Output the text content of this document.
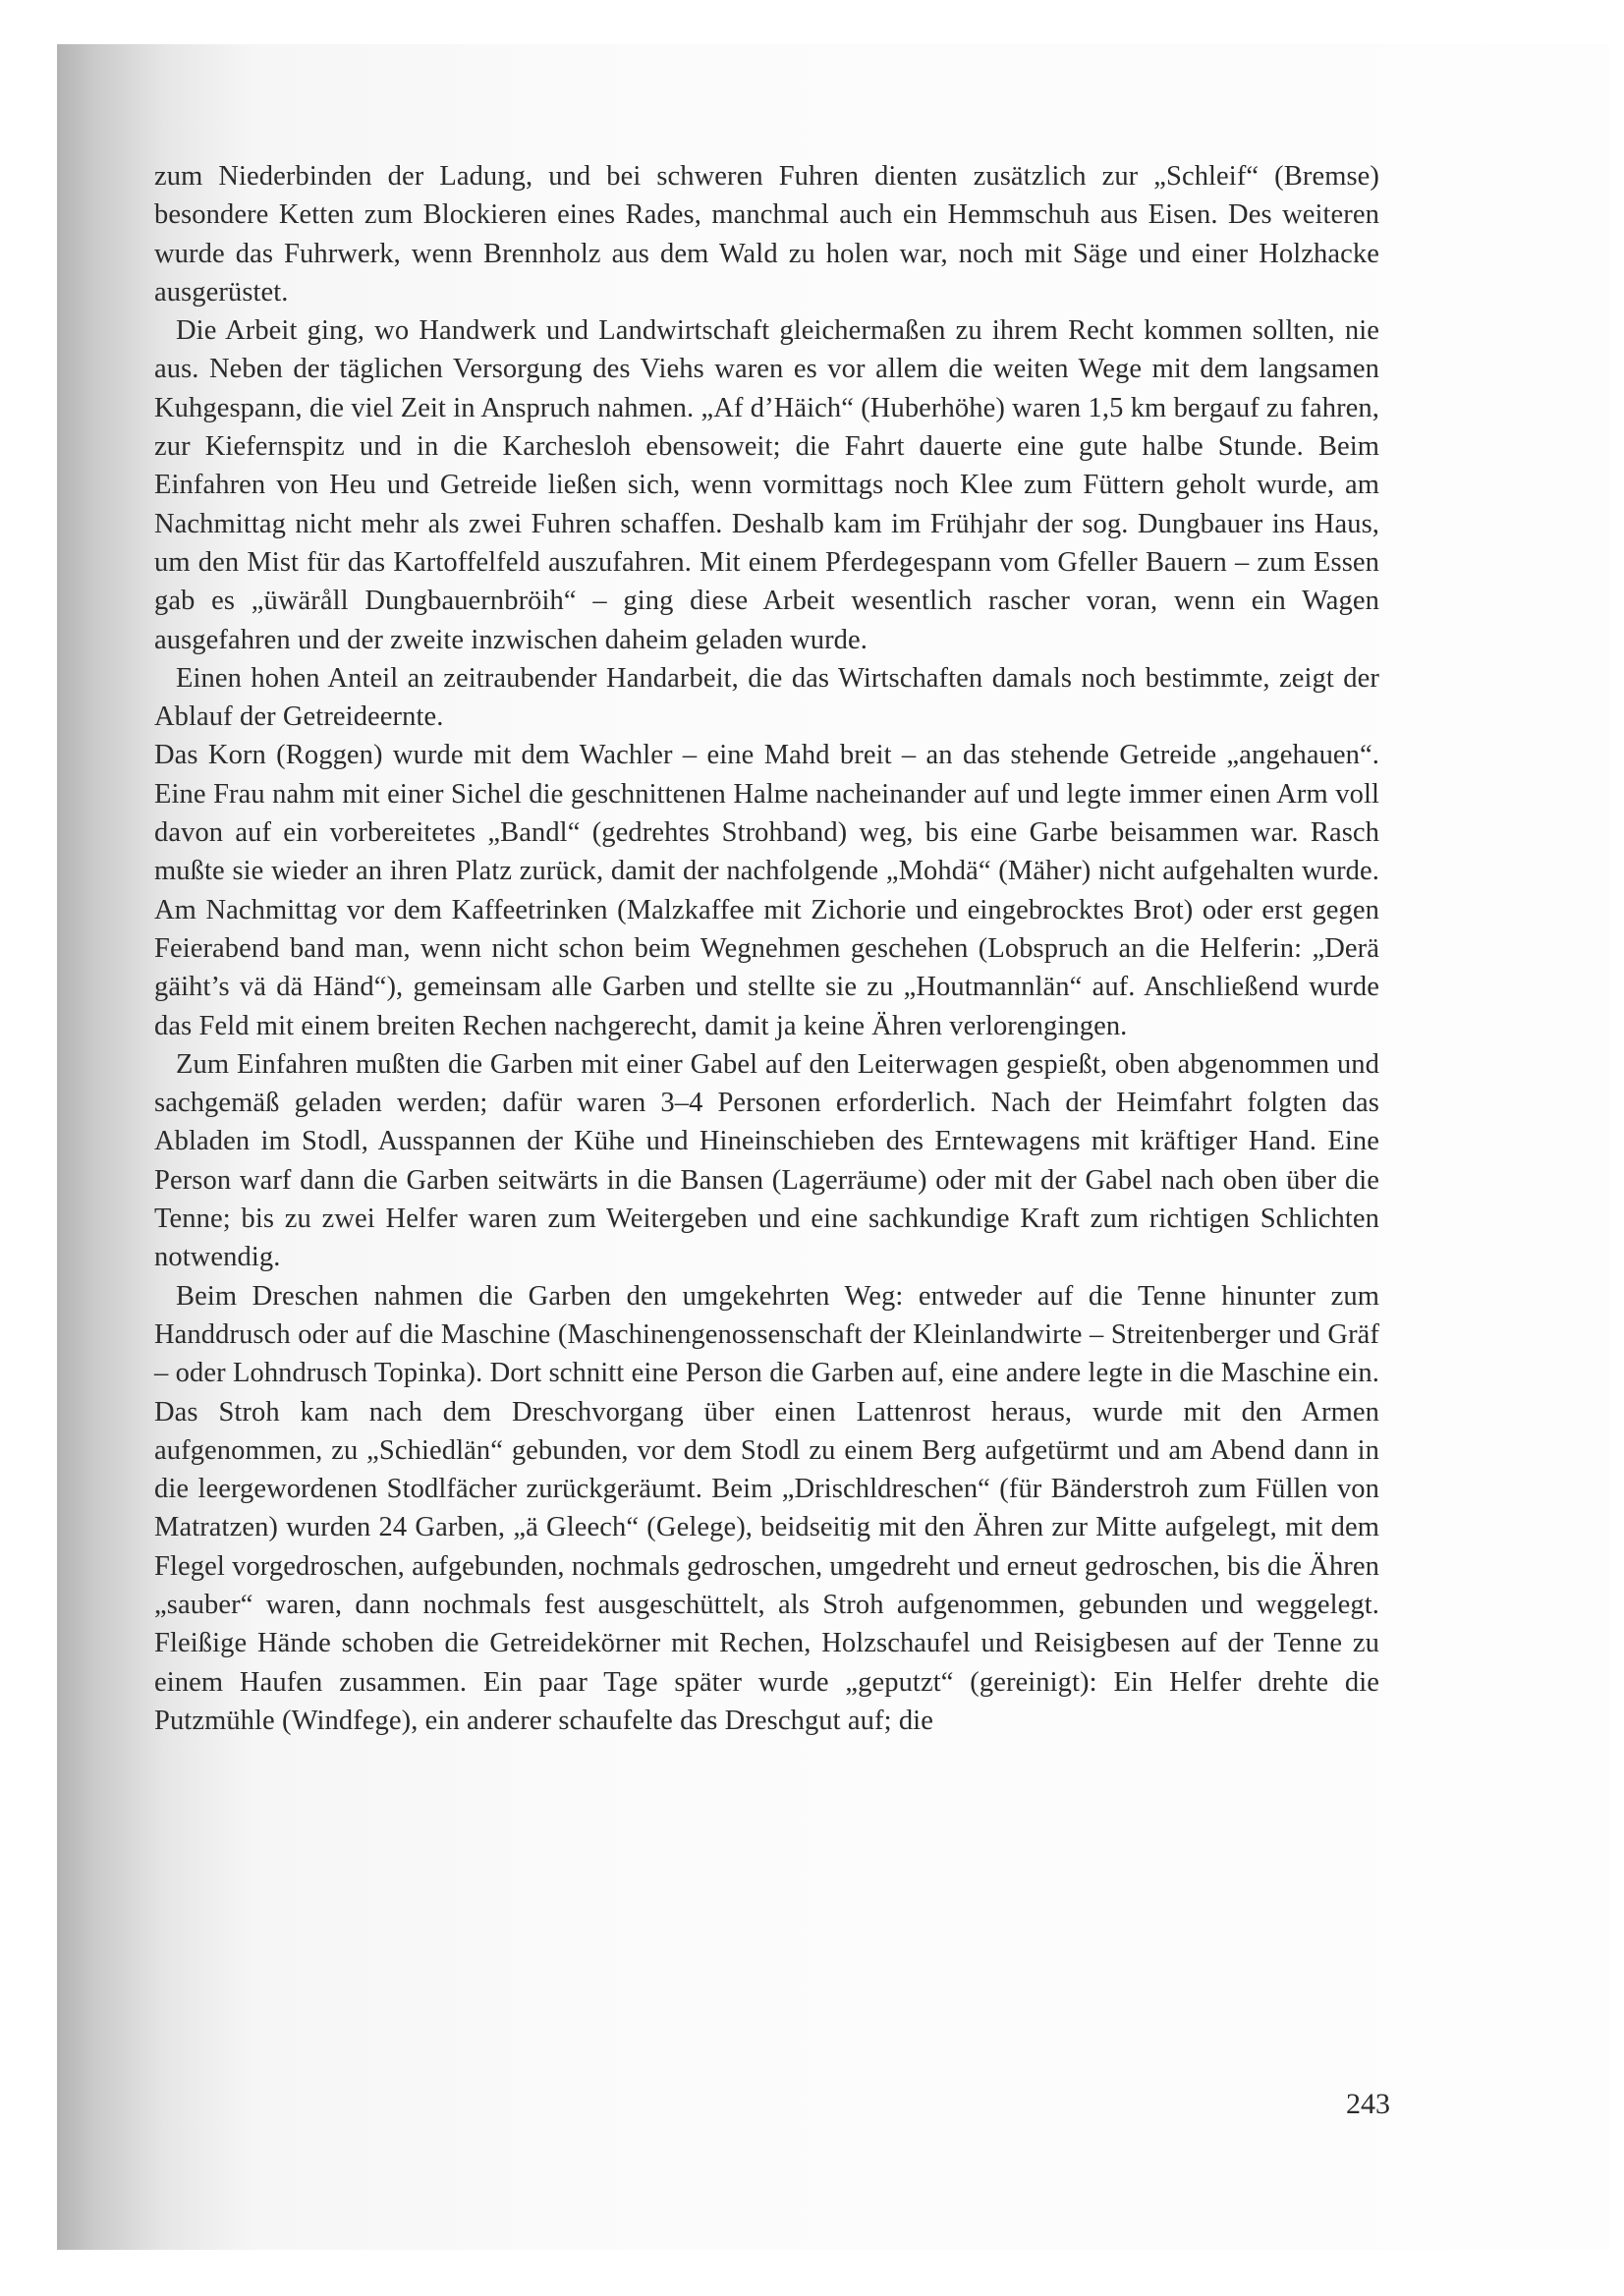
zum Niederbinden der Ladung, und bei schweren Fuhren dienten zusätzlich zur „Schleif“ (Bremse) besondere Ketten zum Blockieren eines Rades, manchmal auch ein Hemmschuh aus Eisen. Des weiteren wurde das Fuhrwerk, wenn Brennholz aus dem Wald zu holen war, noch mit Säge und einer Holzhacke ausgerüstet.

Die Arbeit ging, wo Handwerk und Landwirtschaft gleichermaßen zu ihrem Recht kommen sollten, nie aus. Neben der täglichen Versorgung des Viehs waren es vor allem die weiten Wege mit dem langsamen Kuhgespann, die viel Zeit in Anspruch nahmen. „Af d’Häich“ (Huberhöhe) waren 1,5 km bergauf zu fahren, zur Kiefernspitz und in die Karchesloh ebensoweit; die Fahrt dauerte eine gute halbe Stunde. Beim Einfahren von Heu und Getreide ließen sich, wenn vormittags noch Klee zum Füttern geholt wurde, am Nachmittag nicht mehr als zwei Fuhren schaffen. Deshalb kam im Frühjahr der sog. Dungbauer ins Haus, um den Mist für das Kartoffelfeld auszufahren. Mit einem Pferdegespann vom Gfeller Bauern – zum Essen gab es „üwäråll Dungbauernbröih“ – ging diese Arbeit wesentlich rascher voran, wenn ein Wagen ausgefahren und der zweite inzwischen daheim geladen wurde.

Einen hohen Anteil an zeitraubender Handarbeit, die das Wirtschaften damals noch bestimmte, zeigt der Ablauf der Getreideernte.

Das Korn (Roggen) wurde mit dem Wachler – eine Mahd breit – an das stehende Getreide „angehauen“. Eine Frau nahm mit einer Sichel die geschnittenen Halme nacheinander auf und legte immer einen Arm voll davon auf ein vorbereitetes „Bandl“ (gedrehtes Strohband) weg, bis eine Garbe beisammen war. Rasch mußte sie wieder an ihren Platz zurück, damit der nachfolgende „Mohdä“ (Mäher) nicht aufgehalten wurde. Am Nachmittag vor dem Kaffeetrinken (Malzkaffee mit Zichorie und eingebrocktes Brot) oder erst gegen Feierabend band man, wenn nicht schon beim Wegnehmen geschehen (Lobspruch an die Helferin: „Derä gäiht’s vä dä Händ“), gemeinsam alle Garben und stellte sie zu „Houtmannlän“ auf. Anschließend wurde das Feld mit einem breiten Rechen nachgerecht, damit ja keine Ähren verlorengingen.

Zum Einfahren mußten die Garben mit einer Gabel auf den Leiterwagen gespießt, oben abgenommen und sachgemäß geladen werden; dafür waren 3–4 Personen erforderlich. Nach der Heimfahrt folgten das Abladen im Stodl, Ausspannen der Kühe und Hineinschieben des Erntewagens mit kräftiger Hand. Eine Person warf dann die Garben seitwärts in die Bansen (Lagerräume) oder mit der Gabel nach oben über die Tenne; bis zu zwei Helfer waren zum Weitergeben und eine sachkundige Kraft zum richtigen Schlichten notwendig.

Beim Dreschen nahmen die Garben den umgekehrten Weg: entweder auf die Tenne hinunter zum Handdrusch oder auf die Maschine (Maschinengenossenschaft der Kleinlandwirte – Streitenberger und Gräf – oder Lohndrusch Topinka). Dort schnitt eine Person die Garben auf, eine andere legte in die Maschine ein. Das Stroh kam nach dem Dreschvorgang über einen Lattenrost heraus, wurde mit den Armen aufgenommen, zu „Schiedlän“ gebunden, vor dem Stodl zu einem Berg aufgetürmt und am Abend dann in die leergewordenen Stodlfächer zurückgeräumt. Beim „Drischldreschen“ (für Bänderstroh zum Füllen von Matratzen) wurden 24 Garben, „ä Gleech“ (Gelege), beidseitig mit den Ähren zur Mitte aufgelegt, mit dem Flegel vorgedroschen, aufgebunden, nochmals gedroschen, umgedreht und erneut gedroschen, bis die Ähren „sauber“ waren, dann nochmals fest ausgeschüttelt, als Stroh aufgenommen, gebunden und weggelegt. Fleißige Hände schoben die Getreidekörner mit Rechen, Holzschaufel und Reisigbesen auf der Tenne zu einem Haufen zusammen. Ein paar Tage später wurde „geputzt“ (gereinigt): Ein Helfer drehte die Putzmühle (Windfege), ein anderer schaufelte das Dreschgut auf; die

243
